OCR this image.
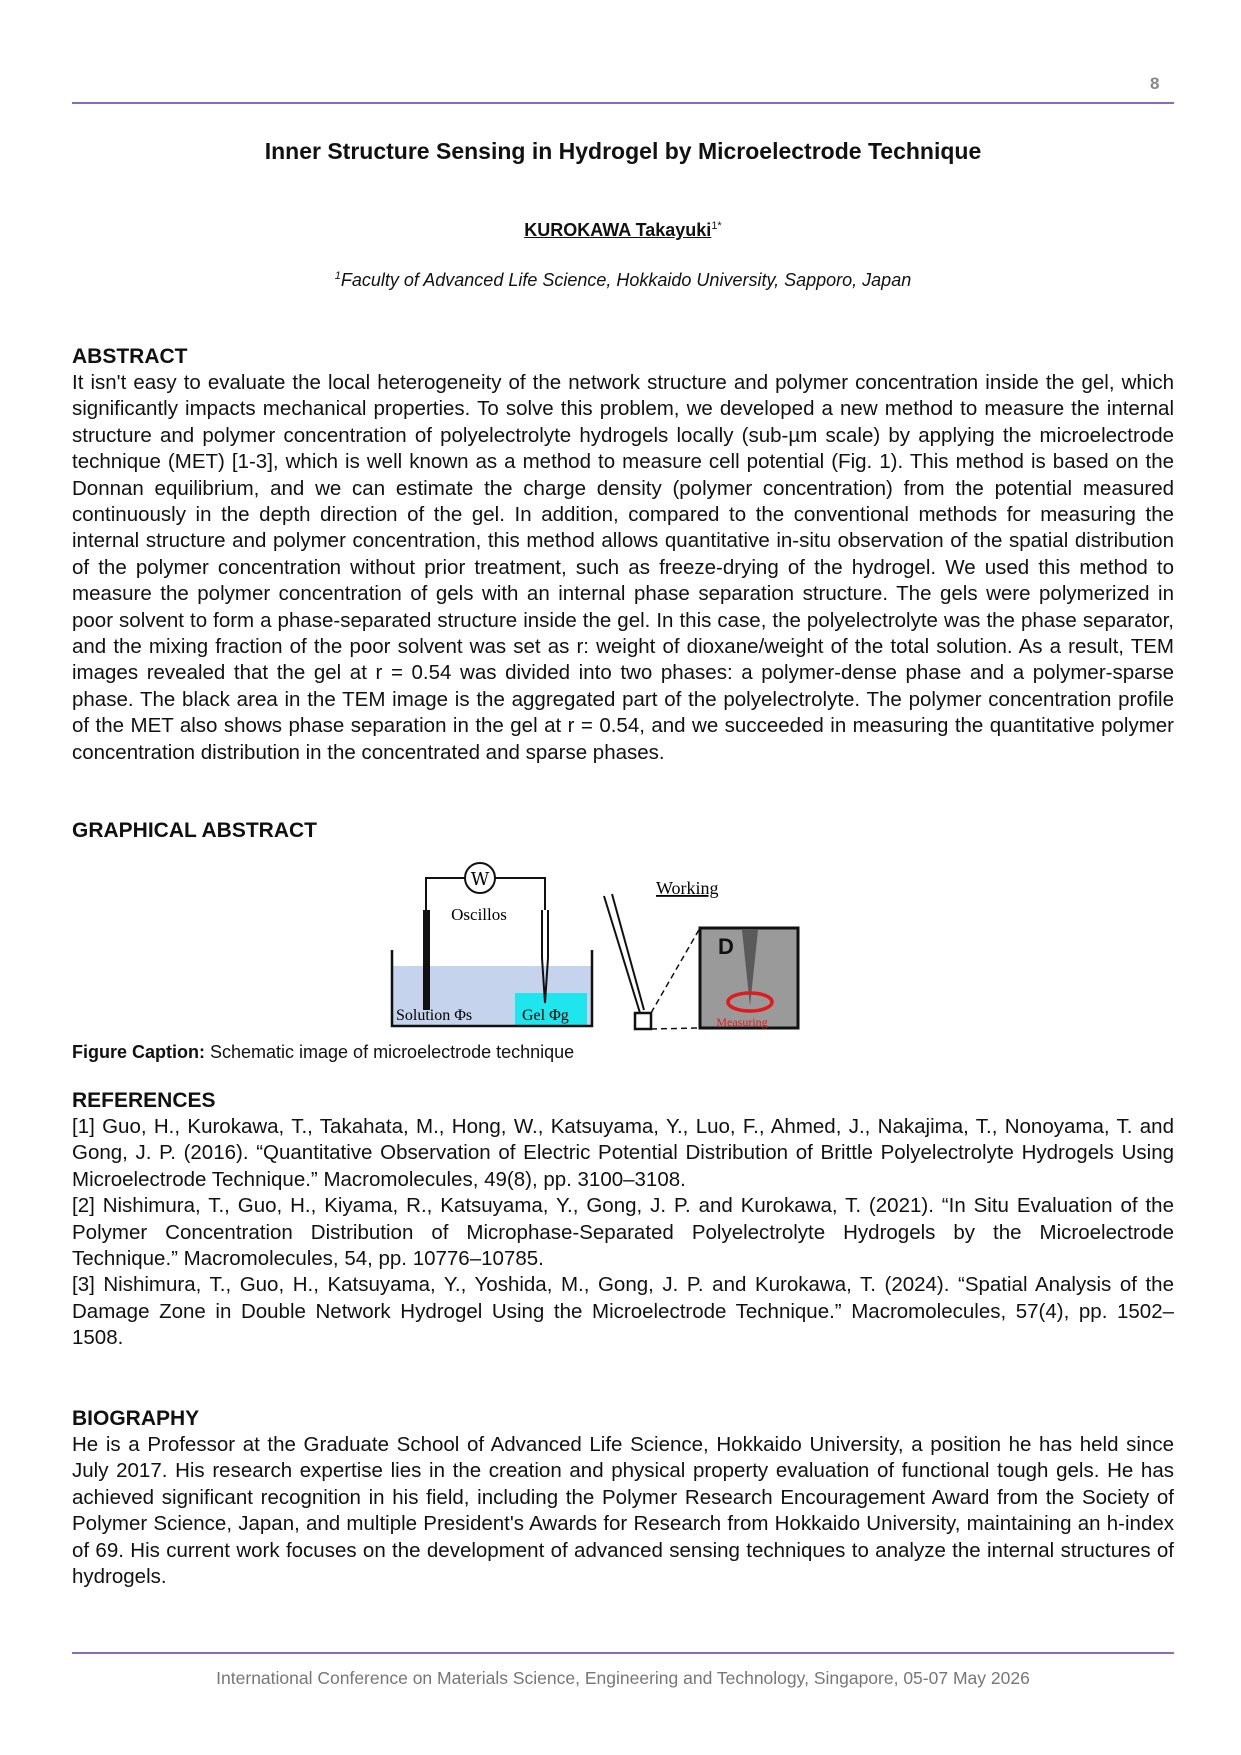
8
Inner Structure Sensing in Hydrogel by Microelectrode Technique
KUROKAWA Takayuki$^{1*}$
$^1$Faculty of Advanced Life Science, Hokkaido University, Sapporo, Japan
ABSTRACT

It isn't easy to evaluate the local heterogeneity of the network structure and polymer concentration inside the gel, which significantly impacts mechanical properties. To solve this problem, we developed a new method to measure the internal structure and polymer concentration of polyelectrolyte hydrogels locally (sub-µm scale) by applying the microelectrode technique (MET) [1-3], which is well known as a method to measure cell potential (Fig. 1). This method is based on the Donnan equilibrium, and we can estimate the charge density (polymer concentration) from the potential measured continuously in the depth direction of the gel. In addition, compared to the conventional methods for measuring the internal structure and polymer concentration, this method allows quantitative in-situ observation of the spatial distribution of the polymer concentration without prior treatment, such as freeze-drying of the hydrogel. We used this method to measure the polymer concentration of gels with an internal phase separation structure. The gels were polymerized in poor solvent to form a phase-separated structure inside the gel. In this case, the polyelectrolyte was the phase separator, and the mixing fraction of the poor solvent was set as r: weight of dioxane/weight of the total solution. As a result, TEM images revealed that the gel at r = 0.54 was divided into two phases: a polymer-dense phase and a polymer-sparse phase. The black area in the TEM image is the aggregated part of the polyelectrolyte. The polymer concentration profile of the MET also shows phase separation in the gel at r = 0.54, and we succeeded in measuring the quantitative polymer concentration distribution in the concentrated and sparse phases.

GRAPHICAL ABSTRACT
W
Oscillos
Solution Φs	Gel Φg	Measuring
D
Working
Figure Caption: Schematic image of microelectrode technique
REFERENCES

[1] Guo, H., Kurokawa, T., Takahata, M., Hong, W., Katsuyama, Y., Luo, F., Ahmed, J., Nakajima, T., Nonoyama, T. and Gong, J. P. (2016). “Quantitative Observation of Electric Potential Distribution of Brittle Polyelectrolyte Hydrogels Using Microelectrode Technique.” Macromolecules, 49(8), pp. 3100–3108.

[2] Nishimura, T., Guo, H., Kiyama, R., Katsuyama, Y., Gong, J. P. and Kurokawa, T. (2021). “In Situ Evaluation of the Polymer Concentration Distribution of Microphase-Separated Polyelectrolyte Hydrogels by the Microelectrode Technique.” Macromolecules, 54, pp. 10776–10785.

[3] Nishimura, T., Guo, H., Katsuyama, Y., Yoshida, M., Gong, J. P. and Kurokawa, T. (2024). “Spatial Analysis of the Damage Zone in Double Network Hydrogel Using the Microelectrode Technique.” Macromolecules, 57(4), pp. 1502–1508.

BIOGRAPHY

He is a Professor at the Graduate School of Advanced Life Science, Hokkaido University, a position he has held since July 2017. His research expertise lies in the creation and physical property evaluation of functional tough gels. He has achieved significant recognition in his field, including the Polymer Research Encouragement Award from the Society of Polymer Science, Japan, and multiple President's Awards for Research from Hokkaido University, maintaining an h-index of 69. His current work focuses on the development of advanced sensing techniques to analyze the internal structures of hydrogels.

International Conference on Materials Science, Engineering and Technology, Singapore, 05-07 May 2026
